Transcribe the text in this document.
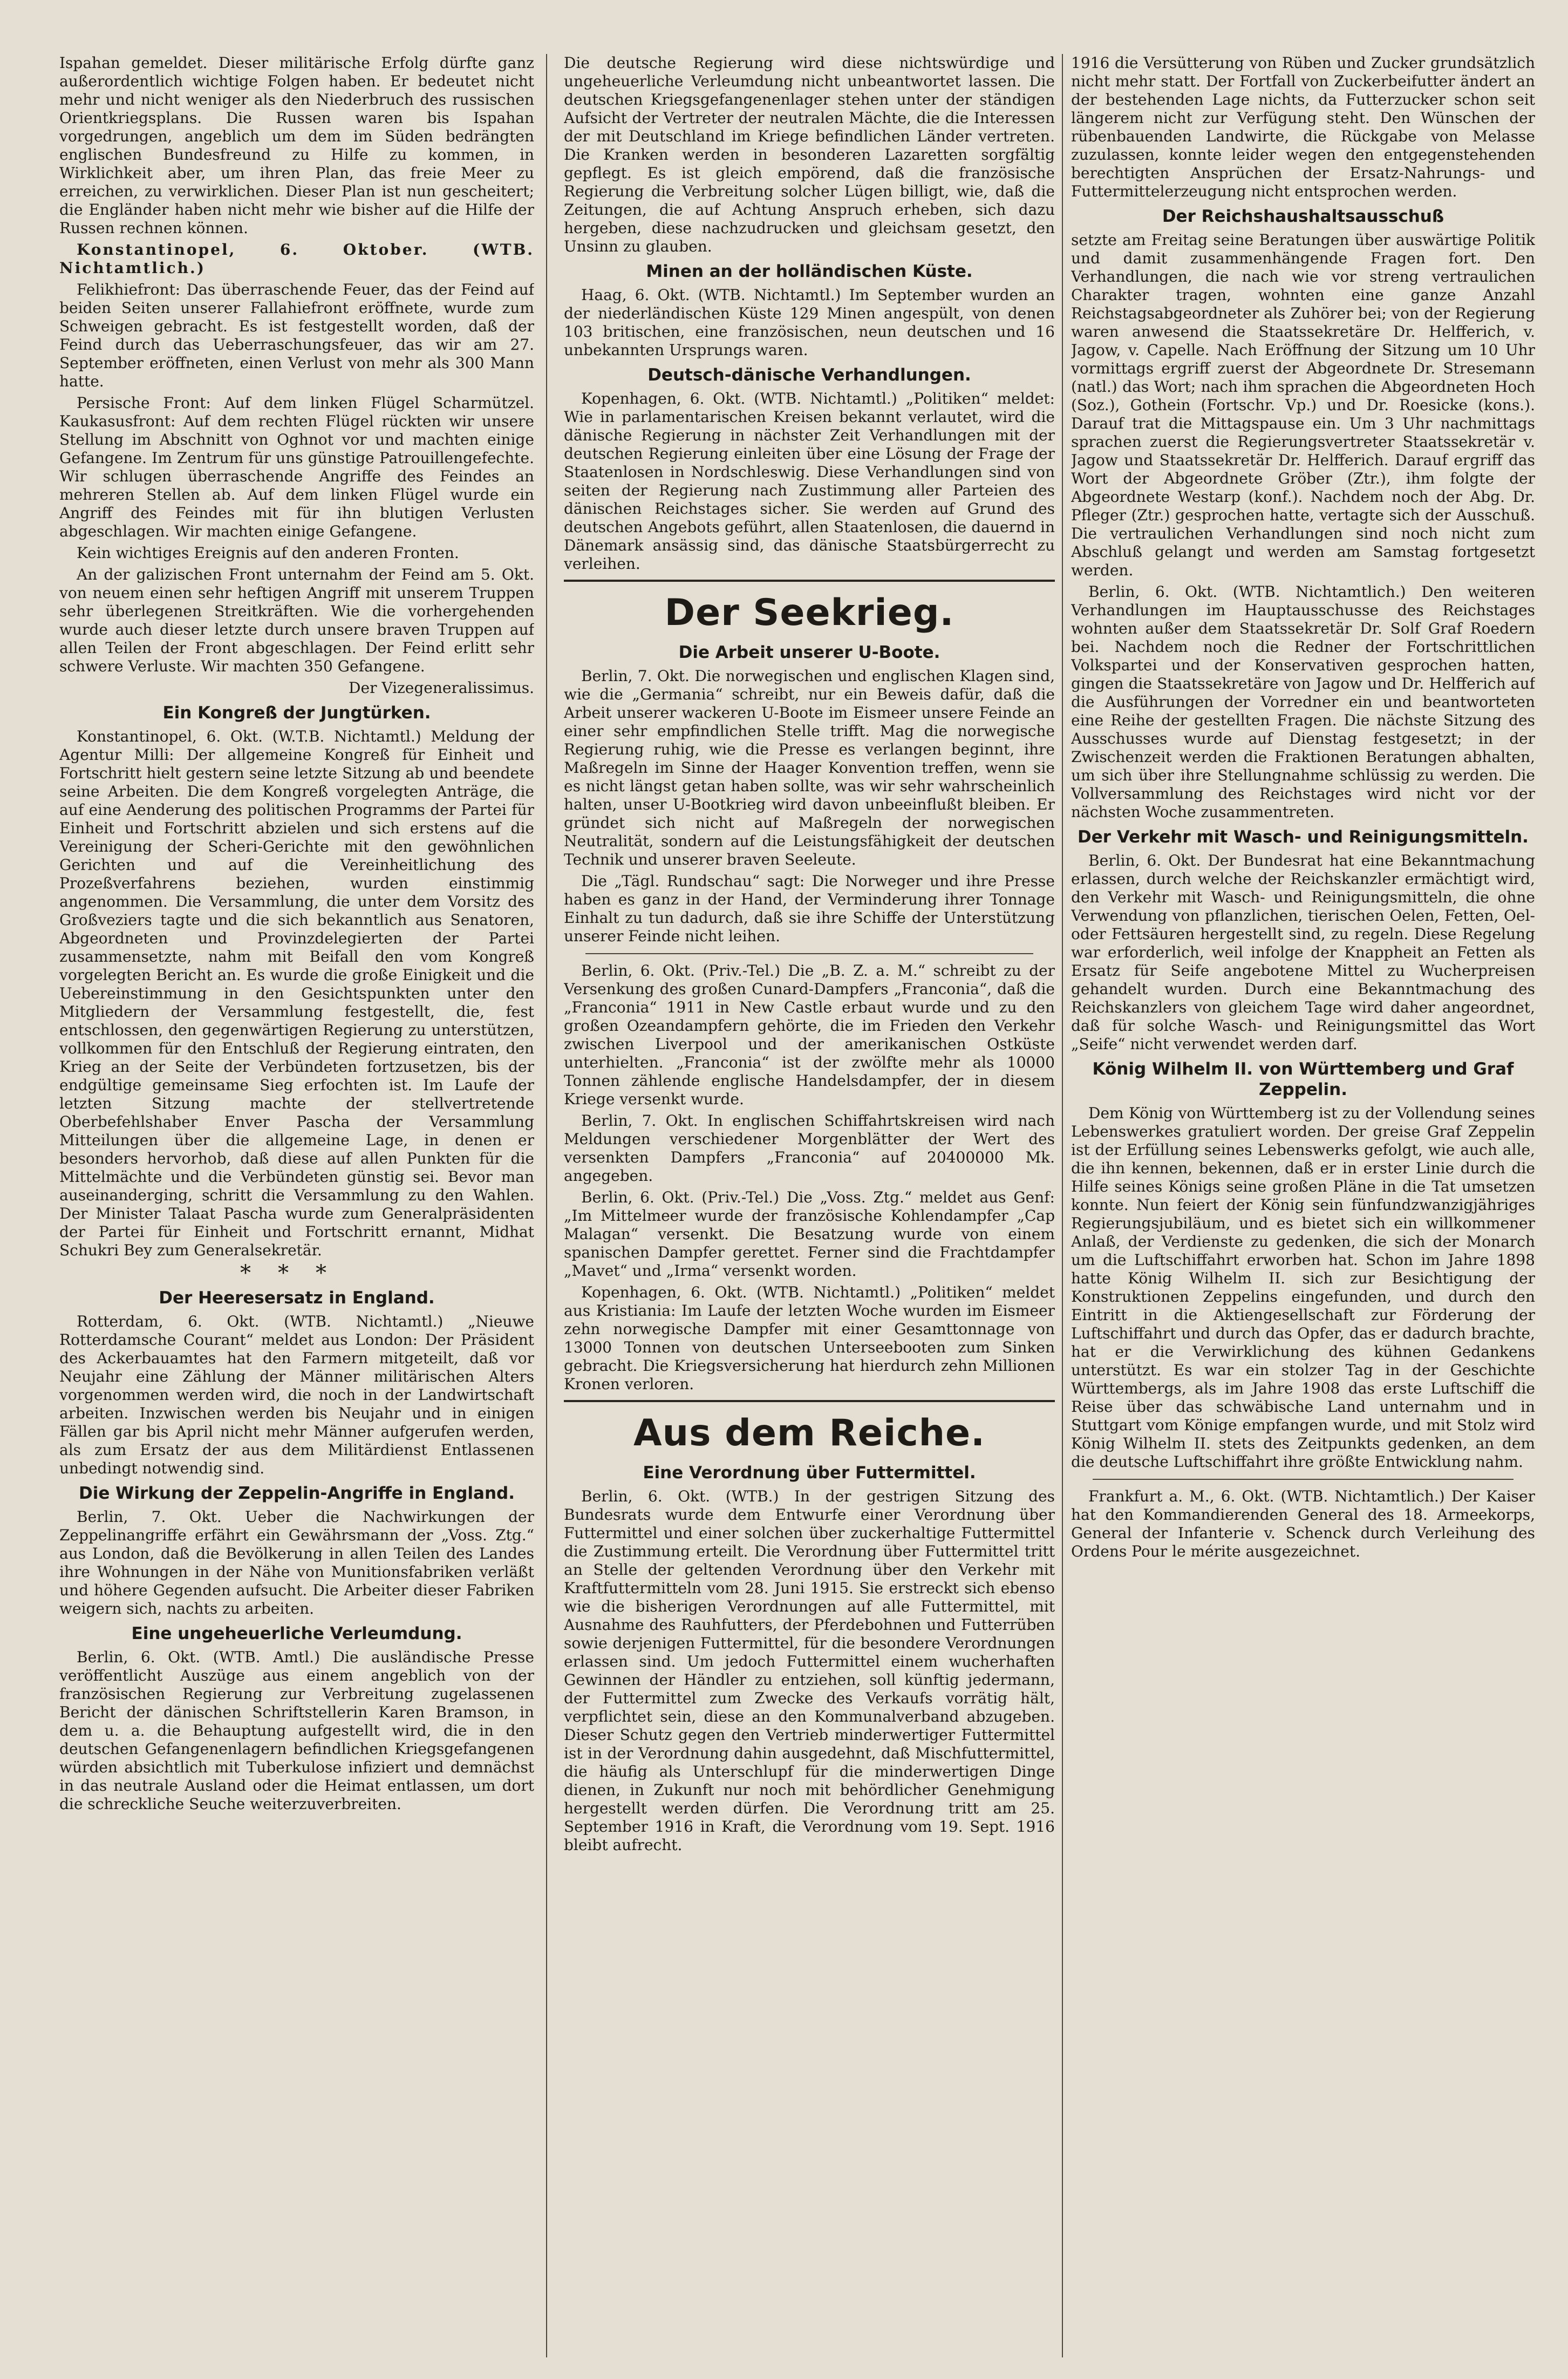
Ispahan gemeldet. Dieser militärische Erfolg dürfte ganz außerordentlich wichtige Folgen haben. Er bedeutet nicht mehr und nicht weniger als den Niederbruch des russischen Orientkriegsplans. Die Russen waren bis Ispahan vorgedrungen, angeblich um dem im Süden bedrängten englischen Bundesfreund zu Hilfe zu kommen, in Wirklichkeit aber, um ihren Plan, das freie Meer zu erreichen, zu verwirklichen. Dieser Plan ist nun gescheitert; die Engländer haben nicht mehr wie bisher auf die Hilfe der Russen rechnen können.

Konstantinopel, 6. Oktober. (WTB. Nichtamtlich.)

Felikhiefront: Das überraschende Feuer, das der Feind auf beiden Seiten unserer Fallahiefront eröffnete, wurde zum Schweigen gebracht. Es ist festgestellt worden, daß der Feind durch das Ueberraschungsfeuer, das wir am 27. September eröffneten, einen Verlust von mehr als 300 Mann hatte.

Persische Front: Auf dem linken Flügel Scharmützel. Kaukasusfront: Auf dem rechten Flügel rückten wir unsere Stellung im Abschnitt von Oghnot vor und machten einige Gefangene. Im Zentrum für uns günstige Patrouillengefechte. Wir schlugen überraschende Angriffe des Feindes an mehreren Stellen ab. Auf dem linken Flügel wurde ein Angriff des Feindes mit für ihn blutigen Verlusten abgeschlagen. Wir machten einige Gefangene.

Kein wichtiges Ereignis auf den anderen Fronten.

An der galizischen Front unternahm der Feind am 5. Okt. von neuem einen sehr heftigen Angriff mit unserem Truppen sehr überlegenen Streitkräften. Wie die vorhergehenden wurde auch dieser letzte durch unsere braven Truppen auf allen Teilen der Front abgeschlagen. Der Feind erlitt sehr schwere Verluste. Wir machten 350 Gefangene.

Der Vizegeneralissimus.

Ein Kongreß der Jungtürken.

Konstantinopel, 6. Okt. (W.T.B. Nichtamtl.) Meldung der Agentur Milli: Der allgemeine Kongreß für Einheit und Fortschritt hielt gestern seine letzte Sitzung ab und beendete seine Arbeiten. Die dem Kongreß vorgelegten Anträge, die auf eine Aenderung des politischen Programms der Partei für Einheit und Fortschritt abzielen und sich erstens auf die Vereinigung der Scheri-Gerichte mit den gewöhnlichen Gerichten und auf die Vereinheitlichung des Prozeßverfahrens beziehen, wurden einstimmig angenommen. Die Versammlung, die unter dem Vorsitz des Großveziers tagte und die sich bekanntlich aus Senatoren, Abgeordneten und Provinzdelegierten der Partei zusammensetzte, nahm mit Beifall den vom Kongreß vorgelegten Bericht an. Es wurde die große Einigkeit und die Uebereinstimmung in den Gesichtspunkten unter den Mitgliedern der Versammlung festgestellt, die, fest entschlossen, den gegenwärtigen Regierung zu unterstützen, vollkommen für den Entschluß der Regierung eintraten, den Krieg an der Seite der Verbündeten fortzusetzen, bis der endgültige gemeinsame Sieg erfochten ist. Im Laufe der letzten Sitzung machte der stellvertretende Oberbefehlshaber Enver Pascha der Versammlung Mitteilungen über die allgemeine Lage, in denen er besonders hervorhob, daß diese auf allen Punkten für die Mittelmächte und die Verbündeten günstig sei. Bevor man auseinanderging, schritt die Versammlung zu den Wahlen. Der Minister Talaat Pascha wurde zum Generalpräsidenten der Partei für Einheit und Fortschritt ernannt, Midhat Schukri Bey zum Generalsekretär.

***
Der Heeresersatz in England.

Rotterdam, 6. Okt. (WTB. Nichtamtl.) „Nieuwe Rotterdamsche Courant“ meldet aus London: Der Präsident des Ackerbauamtes hat den Farmern mitgeteilt, daß vor Neujahr eine Zählung der Männer militärischen Alters vorgenommen werden wird, die noch in der Landwirtschaft arbeiten. Inzwischen werden bis Neujahr und in einigen Fällen gar bis April nicht mehr Männer aufgerufen werden, als zum Ersatz der aus dem Militärdienst Entlassenen unbedingt notwendig sind.

Die Wirkung der Zeppelin-Angriffe in England.

Berlin, 7. Okt. Ueber die Nachwirkungen der Zeppelinangriffe erfährt ein Gewährsmann der „Voss. Ztg.“ aus London, daß die Bevölkerung in allen Teilen des Landes ihre Wohnungen in der Nähe von Munitionsfabriken verläßt und höhere Gegenden aufsucht. Die Arbeiter dieser Fabriken weigern sich, nachts zu arbeiten.

Eine ungeheuerliche Verleumdung.

Berlin, 6. Okt. (WTB. Amtl.) Die ausländische Presse veröffentlicht Auszüge aus einem angeblich von der französischen Regierung zur Verbreitung zugelassenen Bericht der dänischen Schriftstellerin Karen Bramson, in dem u. a. die Behauptung aufgestellt wird, die in den deutschen Gefangenenlagern befindlichen Kriegsgefangenen würden absichtlich mit Tuberkulose infiziert und demnächst in das neutrale Ausland oder die Heimat entlassen, um dort die schreckliche Seuche weiterzuverbreiten.

Die deutsche Regierung wird diese nichtswürdige und ungeheuerliche Verleumdung nicht unbeantwortet lassen. Die deutschen Kriegsgefangenenlager stehen unter der ständigen Aufsicht der Vertreter der neutralen Mächte, die die Interessen der mit Deutschland im Kriege befindlichen Länder vertreten. Die Kranken werden in besonderen Lazaretten sorgfältig gepflegt. Es ist gleich empörend, daß die französische Regierung die Verbreitung solcher Lügen billigt, wie, daß die Zeitungen, die auf Achtung Anspruch erheben, sich dazu hergeben, diese nachzudrucken und gleichsam gesetzt, den Unsinn zu glauben.

Minen an der holländischen Küste.

Haag, 6. Okt. (WTB. Nichtamtl.) Im September wurden an der niederländischen Küste 129 Minen angespült, von denen 103 britischen, eine französischen, neun deutschen und 16 unbekannten Ursprungs waren.

Deutsch-dänische Verhandlungen.

Kopenhagen, 6. Okt. (WTB. Nichtamtl.) „Politiken“ meldet: Wie in parlamentarischen Kreisen bekannt verlautet, wird die dänische Regierung in nächster Zeit Verhandlungen mit der deutschen Regierung einleiten über eine Lösung der Frage der Staatenlosen in Nordschleswig. Diese Verhandlungen sind von seiten der Regierung nach Zustimmung aller Parteien des dänischen Reichstages sicher. Sie werden auf Grund des deutschen Angebots geführt, allen Staatenlosen, die dauernd in Dänemark ansässig sind, das dänische Staatsbürgerrecht zu verleihen.

Der Seekrieg.
Die Arbeit unserer U-Boote.

Berlin, 7. Okt. Die norwegischen und englischen Klagen sind, wie die „Germania“ schreibt, nur ein Beweis dafür, daß die Arbeit unserer wackeren U-Boote im Eismeer unsere Feinde an einer sehr empfindlichen Stelle trifft. Mag die norwegische Regierung ruhig, wie die Presse es verlangen beginnt, ihre Maßregeln im Sinne der Haager Konvention treffen, wenn sie es nicht längst getan haben sollte, was wir sehr wahrscheinlich halten, unser U-Bootkrieg wird davon unbeeinflußt bleiben. Er gründet sich nicht auf Maßregeln der norwegischen Neutralität, sondern auf die Leistungsfähigkeit der deutschen Technik und unserer braven Seeleute.

Die „Tägl. Rundschau“ sagt: Die Norweger und ihre Presse haben es ganz in der Hand, der Verminderung ihrer Tonnage Einhalt zu tun dadurch, daß sie ihre Schiffe der Unterstützung unserer Feinde nicht leihen.

Berlin, 6. Okt. (Priv.-Tel.) Die „B. Z. a. M.“ schreibt zu der Versenkung des großen Cunard-Dampfers „Franconia“, daß die „Franconia“ 1911 in New Castle erbaut wurde und zu den großen Ozeandampfern gehörte, die im Frieden den Verkehr zwischen Liverpool und der amerikanischen Ostküste unterhielten. „Franconia“ ist der zwölfte mehr als 10000 Tonnen zählende englische Handelsdampfer, der in diesem Kriege versenkt wurde.

Berlin, 7. Okt. In englischen Schiffahrtskreisen wird nach Meldungen verschiedener Morgenblätter der Wert des versenkten Dampfers „Franconia“ auf 20400000 Mk. angegeben.

Berlin, 6. Okt. (Priv.-Tel.) Die „Voss. Ztg.“ meldet aus Genf: „Im Mittelmeer wurde der französische Kohlendampfer „Cap Malagan“ versenkt. Die Besatzung wurde von einem spanischen Dampfer gerettet. Ferner sind die Frachtdampfer „Mavet“ und „Irma“ versenkt worden.

Kopenhagen, 6. Okt. (WTB. Nichtamtl.) „Politiken“ meldet aus Kristiania: Im Laufe der letzten Woche wurden im Eismeer zehn norwegische Dampfer mit einer Gesamttonnage von 13000 Tonnen von deutschen Unterseebooten zum Sinken gebracht. Die Kriegsversicherung hat hierdurch zehn Millionen Kronen verloren.

Aus dem Reiche.
Eine Verordnung über Futtermittel.

Berlin, 6. Okt. (WTB.) In der gestrigen Sitzung des Bundesrats wurde dem Entwurfe einer Verordnung über Futtermittel und einer solchen über zuckerhaltige Futtermittel die Zustimmung erteilt. Die Verordnung über Futtermittel tritt an Stelle der geltenden Verordnung über den Verkehr mit Kraftfuttermitteln vom 28. Juni 1915. Sie erstreckt sich ebenso wie die bisherigen Verordnungen auf alle Futtermittel, mit Ausnahme des Rauhfutters, der Pferdebohnen und Futterrüben sowie derjenigen Futtermittel, für die besondere Verordnungen erlassen sind. Um jedoch Futtermittel einem wucherhaften Gewinnen der Händler zu entziehen, soll künftig jedermann, der Futtermittel zum Zwecke des Verkaufs vorrätig hält, verpflichtet sein, diese an den Kommunalverband abzugeben. Dieser Schutz gegen den Vertrieb minderwertiger Futtermittel ist in der Verordnung dahin ausgedehnt, daß Mischfuttermittel, die häufig als Unterschlupf für die minderwertigen Dinge dienen, in Zukunft nur noch mit behördlicher Genehmigung hergestellt werden dürfen. Die Verordnung tritt am 25. September 1916 in Kraft, die Verordnung vom 19. Sept. 1916 bleibt aufrecht.

1916 die Versütterung von Rüben und Zucker grundsätzlich nicht mehr statt. Der Fortfall von Zuckerbeifutter ändert an der bestehenden Lage nichts, da Futterzucker schon seit längerem nicht zur Verfügung steht. Den Wünschen der rübenbauenden Landwirte, die Rückgabe von Melasse zuzulassen, konnte leider wegen den entgegenstehenden berechtigten Ansprüchen der Ersatz-Nahrungs- und Futtermittelerzeugung nicht entsprochen werden.

Der Reichshaushaltsausschuß

setzte am Freitag seine Beratungen über auswärtige Politik und damit zusammenhängende Fragen fort. Den Verhandlungen, die nach wie vor streng vertraulichen Charakter tragen, wohnten eine ganze Anzahl Reichstagsabgeordneter als Zuhörer bei; von der Regierung waren anwesend die Staatssekretäre Dr. Helfferich, v. Jagow, v. Capelle. Nach Eröffnung der Sitzung um 10 Uhr vormittags ergriff zuerst der Abgeordnete Dr. Stresemann (natl.) das Wort; nach ihm sprachen die Abgeordneten Hoch (Soz.), Gothein (Fortschr. Vp.) und Dr. Roesicke (kons.). Darauf trat die Mittagspause ein. Um 3 Uhr nachmittags sprachen zuerst die Regierungsvertreter Staatssekretär v. Jagow und Staatssekretär Dr. Helfferich. Darauf ergriff das Wort der Abgeordnete Gröber (Ztr.), ihm folgte der Abgeordnete Westarp (konf.). Nachdem noch der Abg. Dr. Pfleger (Ztr.) gesprochen hatte, vertagte sich der Ausschuß. Die vertraulichen Verhandlungen sind noch nicht zum Abschluß gelangt und werden am Samstag fortgesetzt werden.

Berlin, 6. Okt. (WTB. Nichtamtlich.) Den weiteren Verhandlungen im Hauptausschusse des Reichstages wohnten außer dem Staatssekretär Dr. Solf Graf Roedern bei. Nachdem noch die Redner der Fortschrittlichen Volkspartei und der Konservativen gesprochen hatten, gingen die Staatssekretäre von Jagow und Dr. Helfferich auf die Ausführungen der Vorredner ein und beantworteten eine Reihe der gestellten Fragen. Die nächste Sitzung des Ausschusses wurde auf Dienstag festgesetzt; in der Zwischenzeit werden die Fraktionen Beratungen abhalten, um sich über ihre Stellungnahme schlüssig zu werden. Die Vollversammlung des Reichstages wird nicht vor der nächsten Woche zusammentreten.

Der Verkehr mit Wasch- und Reinigungsmitteln.

Berlin, 6. Okt. Der Bundesrat hat eine Bekanntmachung erlassen, durch welche der Reichskanzler ermächtigt wird, den Verkehr mit Wasch- und Reinigungsmitteln, die ohne Verwendung von pflanzlichen, tierischen Oelen, Fetten, Oel- oder Fettsäuren hergestellt sind, zu regeln. Diese Regelung war erforderlich, weil infolge der Knappheit an Fetten als Ersatz für Seife angebotene Mittel zu Wucherpreisen gehandelt wurden. Durch eine Bekanntmachung des Reichskanzlers von gleichem Tage wird daher angeordnet, daß für solche Wasch- und Reinigungsmittel das Wort „Seife“ nicht verwendet werden darf.

König Wilhelm II. von Württemberg und Graf Zeppelin.

Dem König von Württemberg ist zu der Vollendung seines Lebenswerkes gratuliert worden. Der greise Graf Zeppelin ist der Erfüllung seines Lebenswerks gefolgt, wie auch alle, die ihn kennen, bekennen, daß er in erster Linie durch die Hilfe seines Königs seine großen Pläne in die Tat umsetzen konnte. Nun feiert der König sein fünfundzwanzigjähriges Regierungsjubiläum, und es bietet sich ein willkommener Anlaß, der Verdienste zu gedenken, die sich der Monarch um die Luftschiffahrt erworben hat. Schon im Jahre 1898 hatte König Wilhelm II. sich zur Besichtigung der Konstruktionen Zeppelins eingefunden, und durch den Eintritt in die Aktiengesellschaft zur Förderung der Luftschiffahrt und durch das Opfer, das er dadurch brachte, hat er die Verwirklichung des kühnen Gedankens unterstützt. Es war ein stolzer Tag in der Geschichte Württembergs, als im Jahre 1908 das erste Luftschiff die Reise über das schwäbische Land unternahm und in Stuttgart vom Könige empfangen wurde, und mit Stolz wird König Wilhelm II. stets des Zeitpunkts gedenken, an dem die deutsche Luftschiffahrt ihre größte Entwicklung nahm.

Frankfurt a. M., 6. Okt. (WTB. Nichtamtlich.) Der Kaiser hat den Kommandierenden General des 18. Armeekorps, General der Infanterie v. Schenck durch Verleihung des Ordens Pour le mérite ausgezeichnet.
